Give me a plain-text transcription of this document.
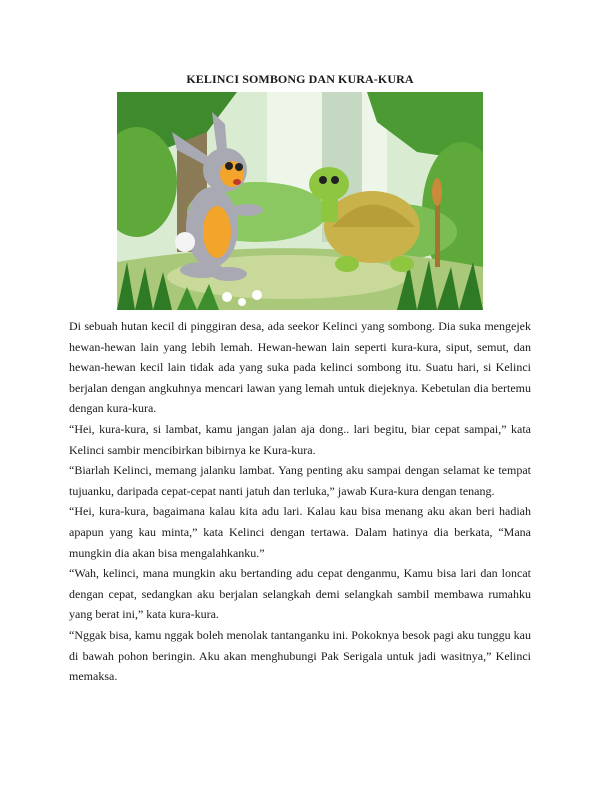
KELINCI SOMBONG DAN KURA-KURA

Di sebuah hutan kecil di pinggiran desa, ada seekor Kelinci yang sombong. Dia suka mengejek hewan-hewan lain yang lebih lemah. Hewan-hewan lain seperti kura-kura, siput, semut, dan hewan-hewan kecil lain tidak ada yang suka pada kelinci sombong itu. Suatu hari, si Kelinci berjalan dengan angkuhnya mencari lawan yang lemah untuk diejeknya. Kebetulan dia bertemu dengan kura-kura.

“Hei, kura-kura, si lambat, kamu jangan jalan aja dong.. lari begitu, biar cepat sampai,” kata Kelinci sambir mencibirkan bibirnya ke Kura-kura.

“Biarlah Kelinci, memang jalanku lambat. Yang penting aku sampai dengan selamat ke tempat tujuanku, daripada cepat-cepat nanti jatuh dan terluka,” jawab Kura-kura dengan tenang.

“Hei, kura-kura, bagaimana kalau kita adu lari. Kalau kau bisa menang aku akan beri hadiah apapun yang kau minta,” kata Kelinci dengan tertawa. Dalam hatinya dia berkata, “Mana mungkin dia akan bisa mengalahkanku.”

“Wah, kelinci, mana mungkin aku bertanding adu cepat denganmu, Kamu bisa lari dan loncat dengan cepat, sedangkan aku berjalan selangkah demi selangkah sambil membawa rumahku yang berat ini,” kata kura-kura.

“Nggak bisa, kamu nggak boleh menolak tantanganku ini. Pokoknya besok pagi aku tunggu kau di bawah pohon beringin. Aku akan menghubungi Pak Serigala untuk jadi wasitnya,” Kelinci memaksa.
